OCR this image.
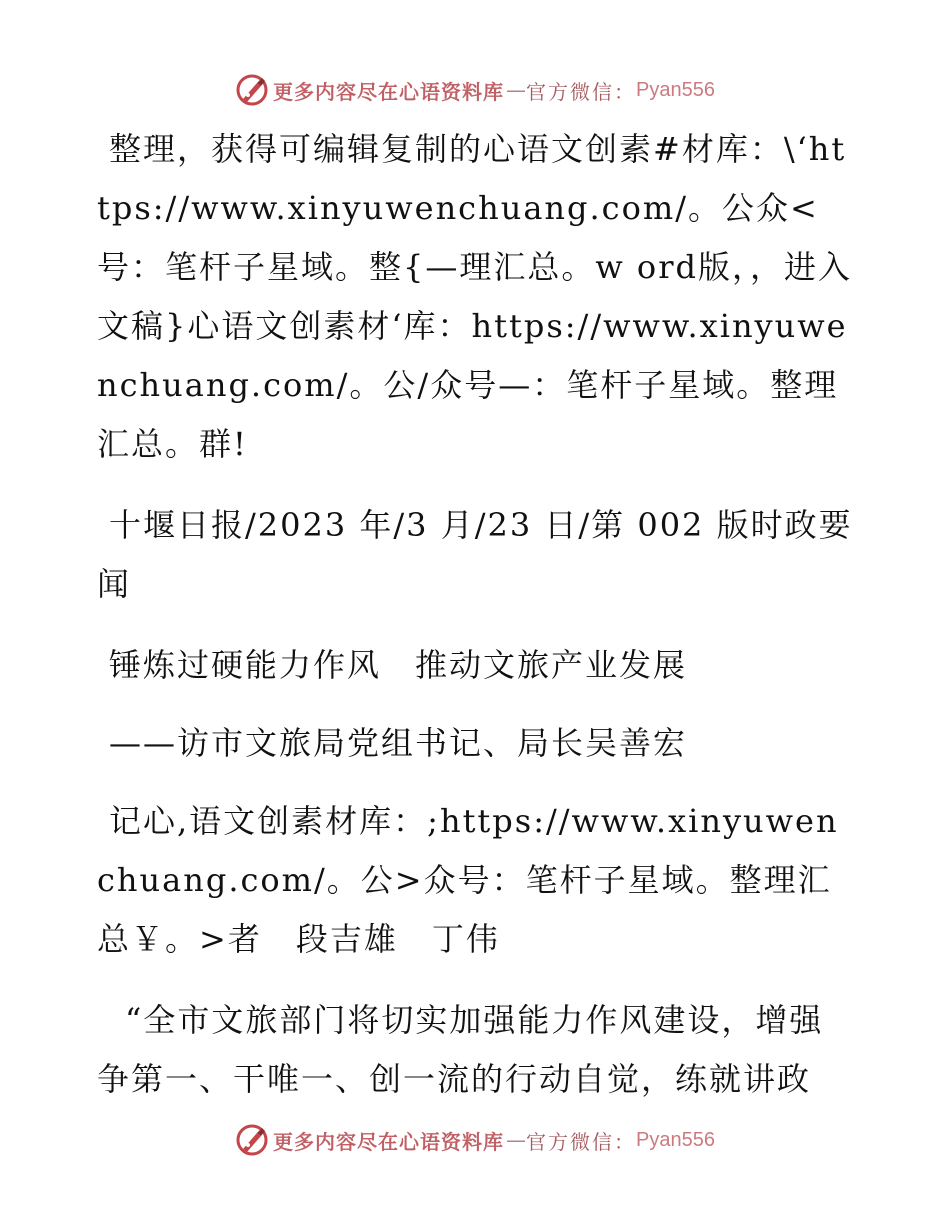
更多内容尽在心语资料库 — 官方微信： Pyan556

整理，获得可编辑复制的心语文创素#材库：\‘https://www.xinyuwenchuang.com/。公众<号：笔杆子星域。整{—理汇总。w ord版，，进入文稿}心语文创素材‘库：https://www.xinyuwenchuang.com/。公/众号—：笔杆子星域。整理汇总。群!

十堰日报/2023 年/3 月/23 日/第 002 版时政要闻

锤炼过硬能力作风　推动文旅产业发展

——访市文旅局党组书记、局长吴善宏

记心,语文创素材库：;https://www.xinyuwenchuang.com/。公>众号：笔杆子星域。整理汇总￥。>者　段吉雄　丁伟

“全市文旅部门将切实加强能力作风建设，增强争第一、干唯一、创一流的行动自觉，练就讲政

更多内容尽在心语资料库 — 官方微信： Pyan556
